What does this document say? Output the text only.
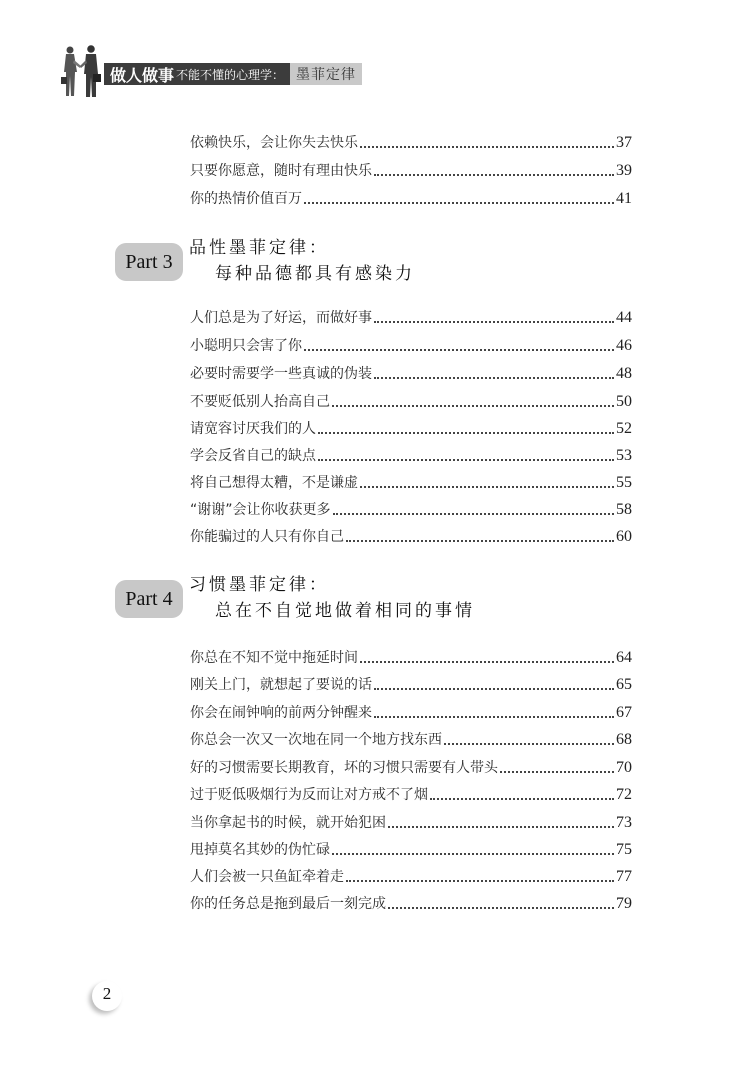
做人做事 不能不懂的心理学： 墨菲定律
依赖快乐，会让你失去快乐	37
只要你愿意，随时有理由快乐	39
你的热情价值百万	41
Part 3
品性墨菲定律：
每种品德都具有感染力
人们总是为了好运，而做好事	44
小聪明只会害了你	46
必要时需要学一些真诚的伪装	48
不要贬低别人抬高自己	50
请宽容讨厌我们的人	52
学会反省自己的缺点	53
将自己想得太糟，不是谦虚	55
“谢谢”会让你收获更多	58
你能骗过的人只有你自己	60
Part 4
习惯墨菲定律：
总在不自觉地做着相同的事情
你总在不知不觉中拖延时间	64
刚关上门，就想起了要说的话	65
你会在闹钟响的前两分钟醒来	67
你总会一次又一次地在同一个地方找东西	68
好的习惯需要长期教育，坏的习惯只需要有人带头	70
过于贬低吸烟行为反而让对方戒不了烟	72
当你拿起书的时候，就开始犯困	73
甩掉莫名其妙的伪忙碌	75
人们会被一只鱼缸牵着走	77
你的任务总是拖到最后一刻完成	79
2
